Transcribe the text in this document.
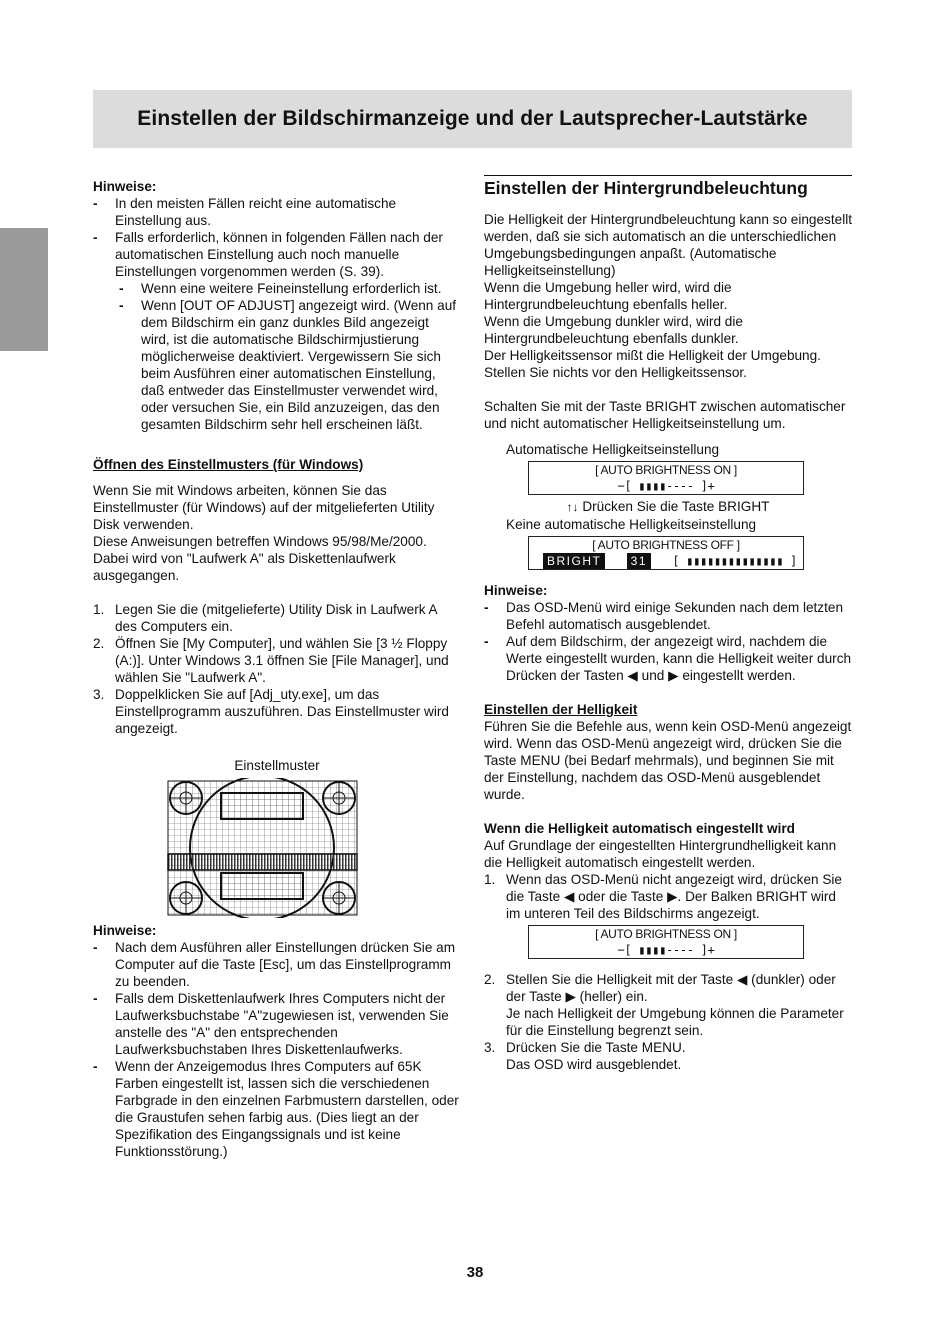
Einstellen der Bildschirmanzeige und der Lautsprecher-Lautstärke

Hinweise:

- In den meisten Fällen reicht eine automatische Einstellung aus.
- Falls erforderlich, können in folgenden Fällen nach der automatischen Einstellung auch noch manuelle Einstellungen vorgenommen werden (S. 39).
- Wenn eine weitere Feineinstellung erforderlich ist.
- Wenn [OUT OF ADJUST] angezeigt wird. (Wenn auf dem Bildschirm ein ganz dunkles Bild angezeigt wird, ist die automatische Bildschirmjustierung möglicherweise deaktiviert. Vergewissern Sie sich beim Ausführen einer automatischen Einstellung, daß entweder das Einstellmuster verwendet wird, oder versuchen Sie, ein Bild anzuzeigen, das den gesamten Bildschirm sehr hell erscheinen läßt.

Öffnen des Einstellmusters (für Windows)

Wenn Sie mit Windows arbeiten, können Sie das Einstellmuster (für Windows) auf der mitgelieferten Utility Disk verwenden.

Diese Anweisungen betreffen Windows 95/98/Me/2000. Dabei wird von "Laufwerk A" als Diskettenlaufwerk ausgegangen.

1. Legen Sie die (mitgelieferte) Utility Disk in Laufwerk A des Computers ein.
2. Öffnen Sie [My Computer], und wählen Sie [3 ½ Floppy (A:)]. Unter Windows 3.1 öffnen Sie [File Manager], und wählen Sie "Laufwerk A".
3. Doppelklicken Sie auf [Adj_uty.exe], um das Einstellprogramm auszuführen. Das Einstellmuster wird angezeigt.

Einstellmuster

Hinweise:

- Nach dem Ausführen aller Einstellungen drücken Sie am Computer auf die Taste [Esc], um das Einstellprogramm zu beenden.
- Falls dem Diskettenlaufwerk Ihres Computers nicht der Laufwerksbuchstabe "A"zugewiesen ist, verwenden Sie anstelle des "A" den entsprechenden Laufwerksbuchstaben Ihres Diskettenlaufwerks.
- Wenn der Anzeigemodus Ihres Computers auf 65K Farben eingestellt ist, lassen sich die verschiedenen Farbgrade in den einzelnen Farbmustern darstellen, oder die Graustufen sehen farbig aus. (Dies liegt an der Spezifikation des Eingangssignals und ist keine Funktionsstörung.)

Einstellen der Hintergrundbeleuchtung

Die Helligkeit der Hintergrundbeleuchtung kann so eingestellt werden, daß sie sich automatisch an die unterschiedlichen Umgebungsbedingungen anpaßt. (Automatische Helligkeitseinstellung)

Wenn die Umgebung heller wird, wird die Hintergrundbeleuchtung ebenfalls heller.

Wenn die Umgebung dunkler wird, wird die Hintergrundbeleuchtung ebenfalls dunkler.

Der Helligkeitssensor mißt die Helligkeit der Umgebung. Stellen Sie nichts vor den Helligkeitssensor.

Schalten Sie mit der Taste BRIGHT zwischen automatischer und nicht automatischer Helligkeitseinstellung um.

Automatische Helligkeitseinstellung

[ AUTO BRIGHTNESS ON ]
−[ ▮▮▮▮---- ]+

↑↓ Drücken Sie die Taste BRIGHT

Keine automatische Helligkeitseinstellung

[ AUTO BRIGHTNESS OFF ]
BRIGHT	31	[ ▮▮▮▮▮▮▮▮▮▮▮▮▮▮ ]

Hinweise:

- Das OSD-Menü wird einige Sekunden nach dem letzten Befehl automatisch ausgeblendet.
- Auf dem Bildschirm, der angezeigt wird, nachdem die Werte eingestellt wurden, kann die Helligkeit weiter durch Drücken der Tasten ◀ und ▶ eingestellt werden.

Einstellen der Helligkeit

Führen Sie die Befehle aus, wenn kein OSD-Menü angezeigt wird. Wenn das OSD-Menü angezeigt wird, drücken Sie die Taste MENU (bei Bedarf mehrmals), und beginnen Sie mit der Einstellung, nachdem das OSD-Menü ausgeblendet wurde.

Wenn die Helligkeit automatisch eingestellt wird

Auf Grundlage der eingestellten Hintergrundhelligkeit kann die Helligkeit automatisch eingestellt werden.

1. Wenn das OSD-Menü nicht angezeigt wird, drücken Sie die Taste ◀ oder die Taste ▶. Der Balken BRIGHT wird im unteren Teil des Bildschirms angezeigt.
[ AUTO BRIGHTNESS ON ]
−[ ▮▮▮▮---- ]+
2. Stellen Sie die Helligkeit mit der Taste ◀ (dunkler) oder der Taste ▶ (heller) ein.
Je nach Helligkeit der Umgebung können die Parameter für die Einstellung begrenzt sein.
3. Drücken Sie die Taste MENU.
Das OSD wird ausgeblendet.
38
